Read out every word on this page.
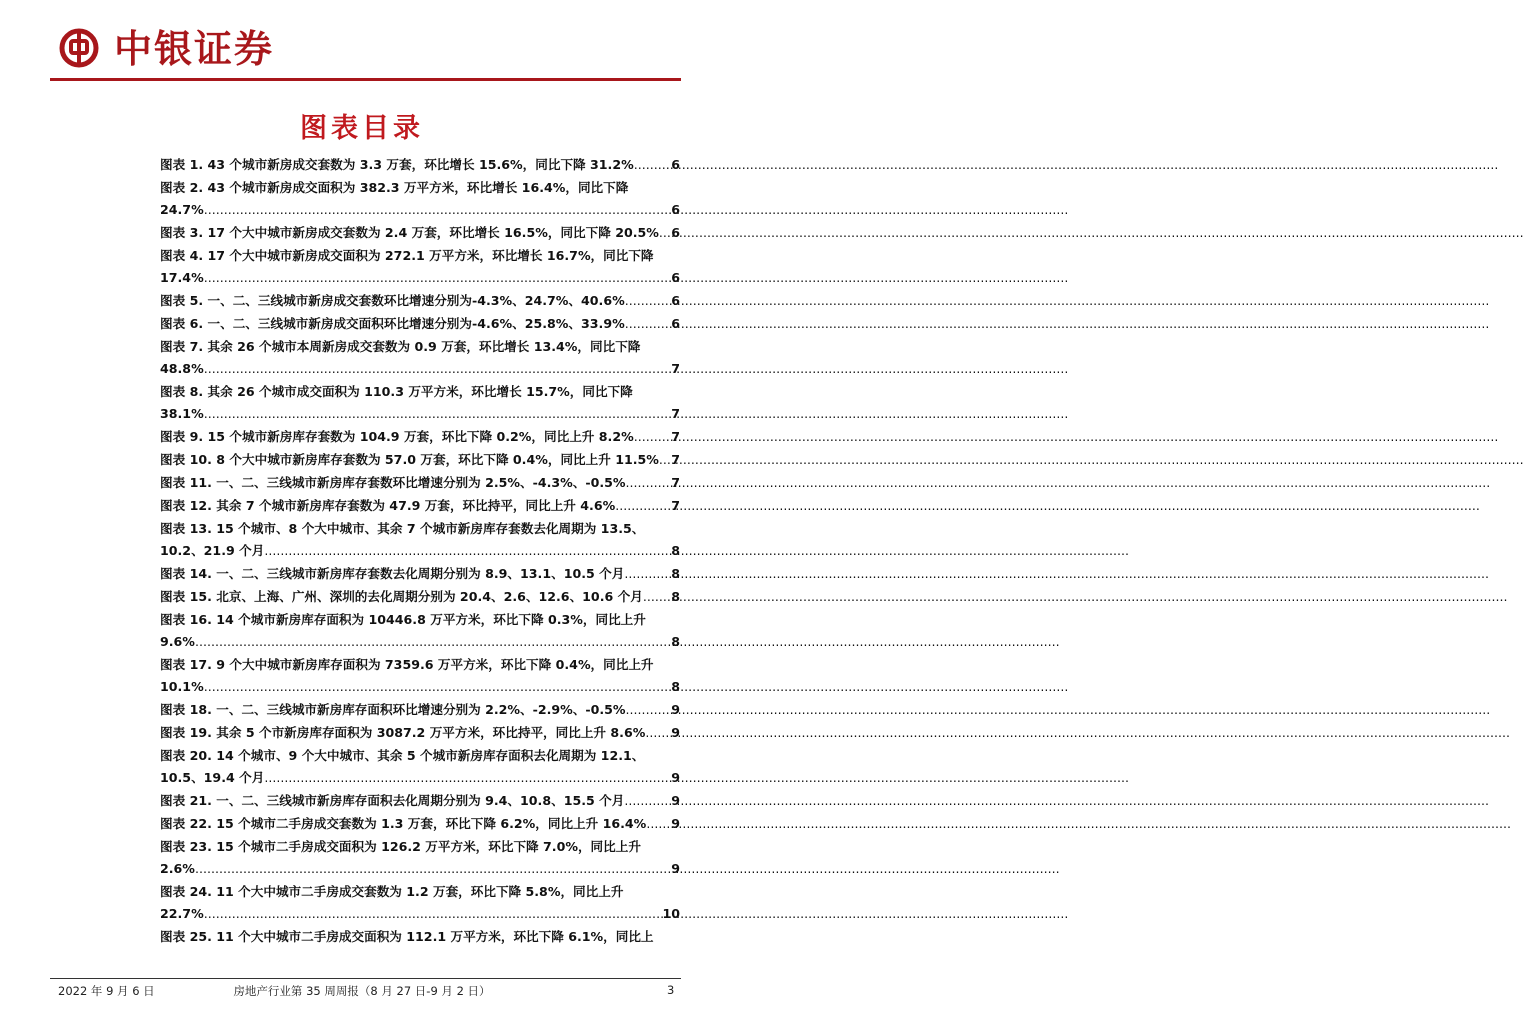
中银证券
图表目录
图表 1. 43 个城市新房成交套数为 3.3 万套，环比增长 15.6%，同比下降 31.2% .....	6
图表 2. 43 个城市新房成交面积为 382.3 万平方米，环比增长 16.4%，同比下降
24.7% .....	6
图表 3. 17 个大中城市新房成交套数为 2.4 万套，环比增长 16.5%，同比下降 20.5% ..... 6
图表 4. 17 个大中城市新房成交面积为 272.1 万平方米，环比增长 16.7%，同比下降
17.4% .....	6
图表 5. 一、二、三线城市新房成交套数环比增速分别为-4.3%、24.7%、40.6% .....	6
图表 6. 一、二、三线城市新房成交面积环比增速分别为-4.6%、25.8%、33.9% .....	6
图表 7. 其余 26 个城市本周新房成交套数为 0.9 万套，环比增长 13.4%，同比下降
48.8% .....	7
图表 8. 其余 26 个城市成交面积为 110.3 万平方米，环比增长 15.7%，同比下降
38.1% .....	7
图表 9. 15 个城市新房库存套数为 104.9 万套，环比下降 0.2%，同比上升 8.2% .....	7
图表 10. 8 个大中城市新房库存套数为 57.0 万套，环比下降 0.4%，同比上升 11.5% ..... 7
图表 11. 一、二、三线城市新房库存套数环比增速分别为 2.5%、-4.3%、-0.5% .....	7
图表 12. 其余 7 个城市新房库存套数为 47.9 万套，环比持平，同比上升 4.6% .....	7
图表 13. 15 个城市、8 个大中城市、其余 7 个城市新房库存套数去化周期为 13.5、
10.2、21.9 个月 .....	8
图表 14. 一、二、三线城市新房库存套数去化周期分别为 8.9、13.1、10.5 个月 .....	8
图表 15. 北京、上海、广州、深圳的去化周期分别为 20.4、2.6、12.6、10.6 个月 ..... 8
图表 16. 14 个城市新房库存面积为 10446.8 万平方米，环比下降 0.3%，同比上升
9.6% .....	8
图表 17. 9 个大中城市新房库存面积为 7359.6 万平方米，环比下降 0.4%，同比上升
10.1% .....	8
图表 18. 一、二、三线城市新房库存面积环比增速分别为 2.2%、-2.9%、-0.5% .....	9
图表 19. 其余 5 个市新房库存面积为 3087.2 万平方米，环比持平，同比上升 8.6% ..... 9
图表 20. 14 个城市、9 个大中城市、其余 5 个城市新房库存面积去化周期为 12.1、
10.5、19.4 个月 .....	9
图表 21. 一、二、三线城市新房库存面积去化周期分别为 9.4、10.8、15.5 个月 .....	9
图表 22. 15 个城市二手房成交套数为 1.3 万套，环比下降 6.2%，同比上升 16.4% ..... 9
图表 23. 15 个城市二手房成交面积为 126.2 万平方米，环比下降 7.0%，同比上升
2.6% .....	9
图表 24. 11 个大中城市二手房成交套数为 1.2 万套，环比下降 5.8%，同比上升
22.7% .....	10
图表 25. 11 个大中城市二手房成交面积为 112.1 万平方米，环比下降 6.1%，同比上
2022 年 9 月 6 日	房地产行业第 35 周周报（8 月 27 日-9 月 2 日）	3
